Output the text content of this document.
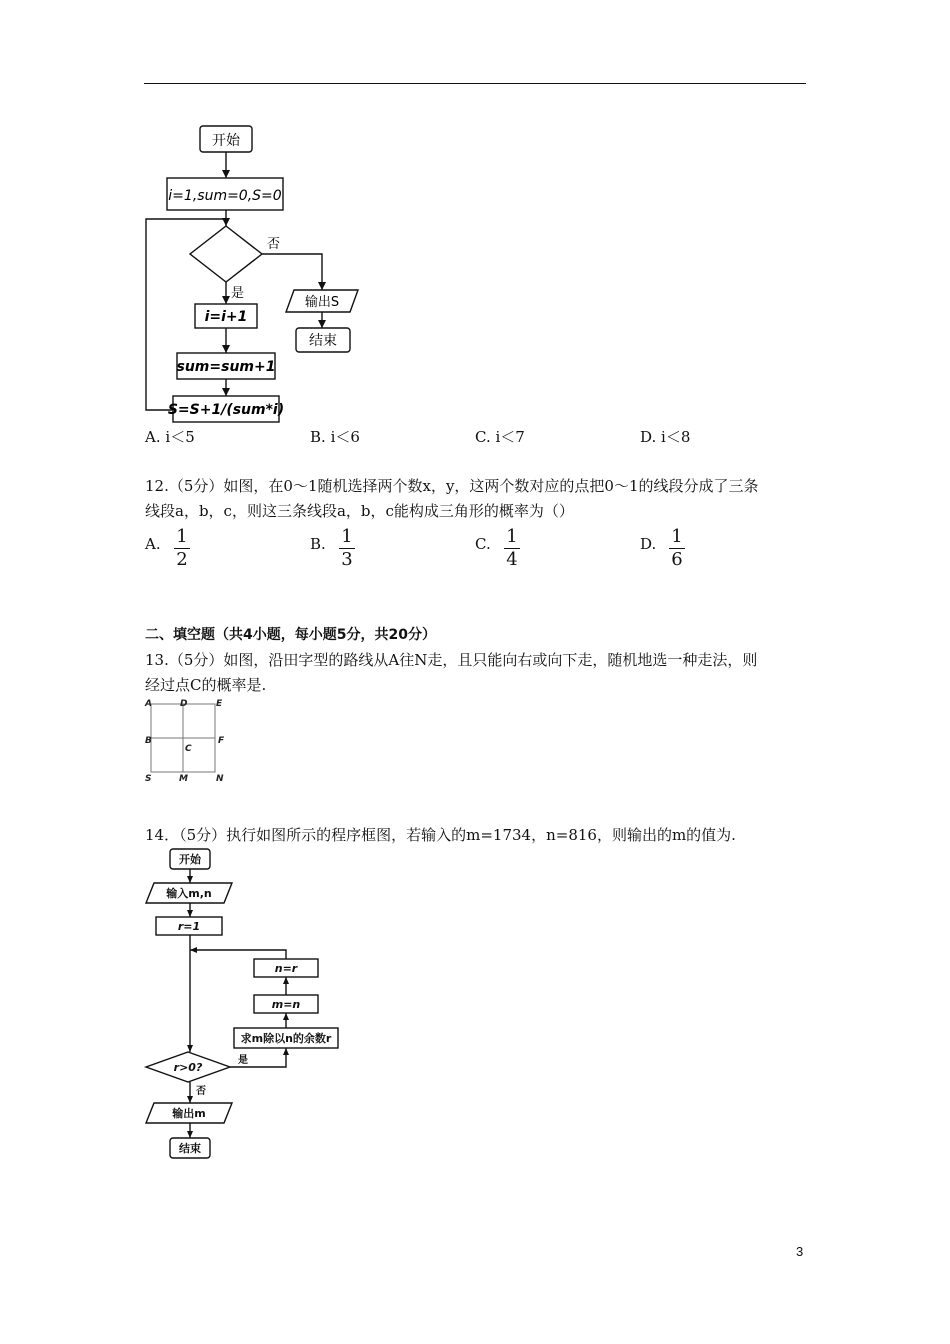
开始
i=1,sum=0,S=0
否
是
输出S
结束
i=i+1
sum=sum+1
S=S+1/(sum*i)
A. i＜5	B. i＜6	C. i＜7	D. i＜8
12.（5分）如图，在0～1随机选择两个数x，y，这两个数对应的点把0～1的线段分成了三条
线段a，b，c，则这三条线段a，b，c能构成三角形的概率为（）
A. 1
2
B. 1
3
C. 1
4
D. 1
6
二、填空题（共4小题，每小题5分，共20分）
13.（5分）如图，沿田字型的路线从A往N走，且只能向右或向下走，随机地选一种走法，则
经过点C的概率是.
A	D	E
B
C
F
S	M	N
14．（5分）执行如图所示的程序框图，若输入的m=1734，n=816，则输出的m的值为.
开始
输入m,n
r=1
n=r
m=n
求m除以n的余数r
r>0?
是
否
输出m
结束
3
